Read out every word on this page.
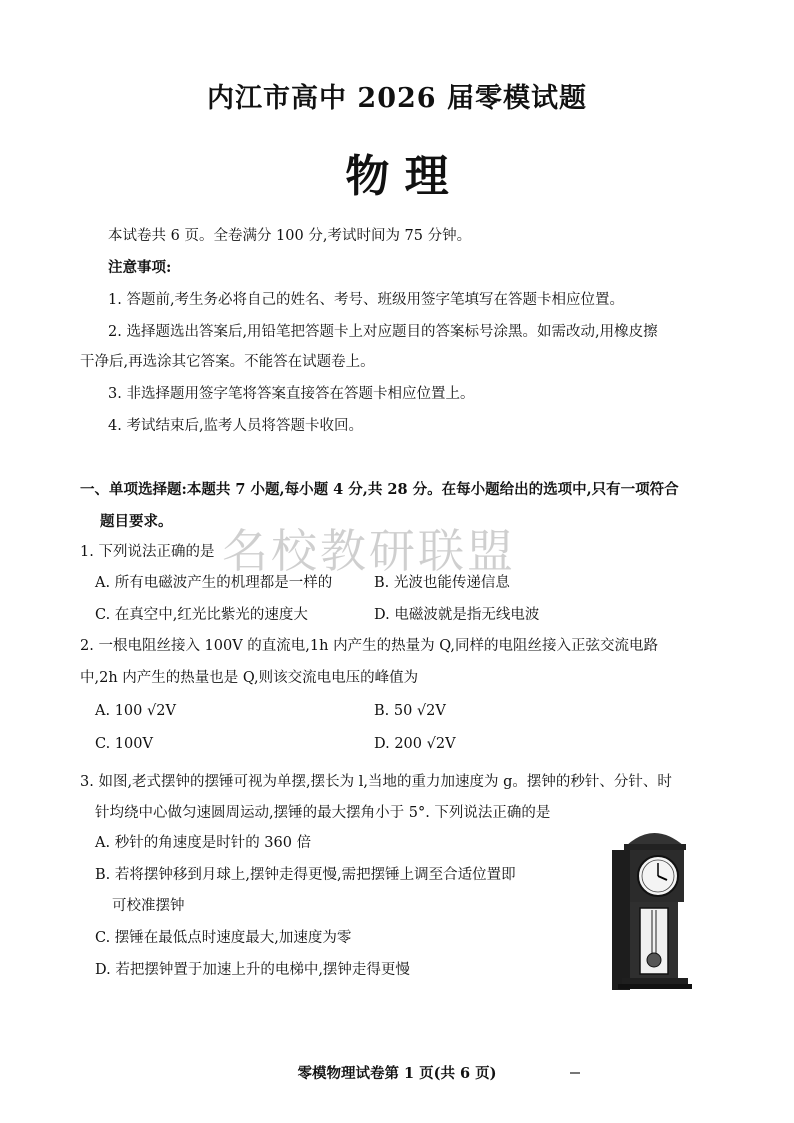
内江市高中 2026 届零模试题
物 理
本试卷共 6 页。全卷满分 100 分,考试时间为 75 分钟。
注意事项:
1. 答题前,考生务必将自己的姓名、考号、班级用签字笔填写在答题卡相应位置。
2. 选择题选出答案后,用铅笔把答题卡上对应题目的答案标号涂黑。如需改动,用橡皮擦
干净后,再选涂其它答案。不能答在试题卷上。
3. 非选择题用签字笔将答案直接答在答题卡相应位置上。
4. 考试结束后,监考人员将答题卡收回。
一、单项选择题:本题共 7 小题,每小题 4 分,共 28 分。在每小题给出的选项中,只有一项符合
题目要求。
名校教研联盟
1. 下列说法正确的是
A. 所有电磁波产生的机理都是一样的	B. 光波也能传递信息
C. 在真空中,红光比紫光的速度大	D. 电磁波就是指无线电波
2. 一根电阻丝接入 100V 的直流电,1h 内产生的热量为 Q,同样的电阻丝接入正弦交流电路
中,2h 内产生的热量也是 Q,则该交流电电压的峰值为
A. 100 √2V	B. 50 √2V
C. 100V	D. 200 √2V
3. 如图,老式摆钟的摆锤可视为单摆,摆长为 l,当地的重力加速度为 g。摆钟的秒针、分针、时
针均绕中心做匀速圆周运动,摆锤的最大摆角小于 5°. 下列说法正确的是
A. 秒针的角速度是时针的 360 倍
B. 若将摆钟移到月球上,摆钟走得更慢,需把摆锤上调至合适位置即
可校准摆钟
C. 摆锤在最低点时速度最大,加速度为零
D. 若把摆钟置于加速上升的电梯中,摆钟走得更慢
零模物理试卷第 1 页(共 6 页)
